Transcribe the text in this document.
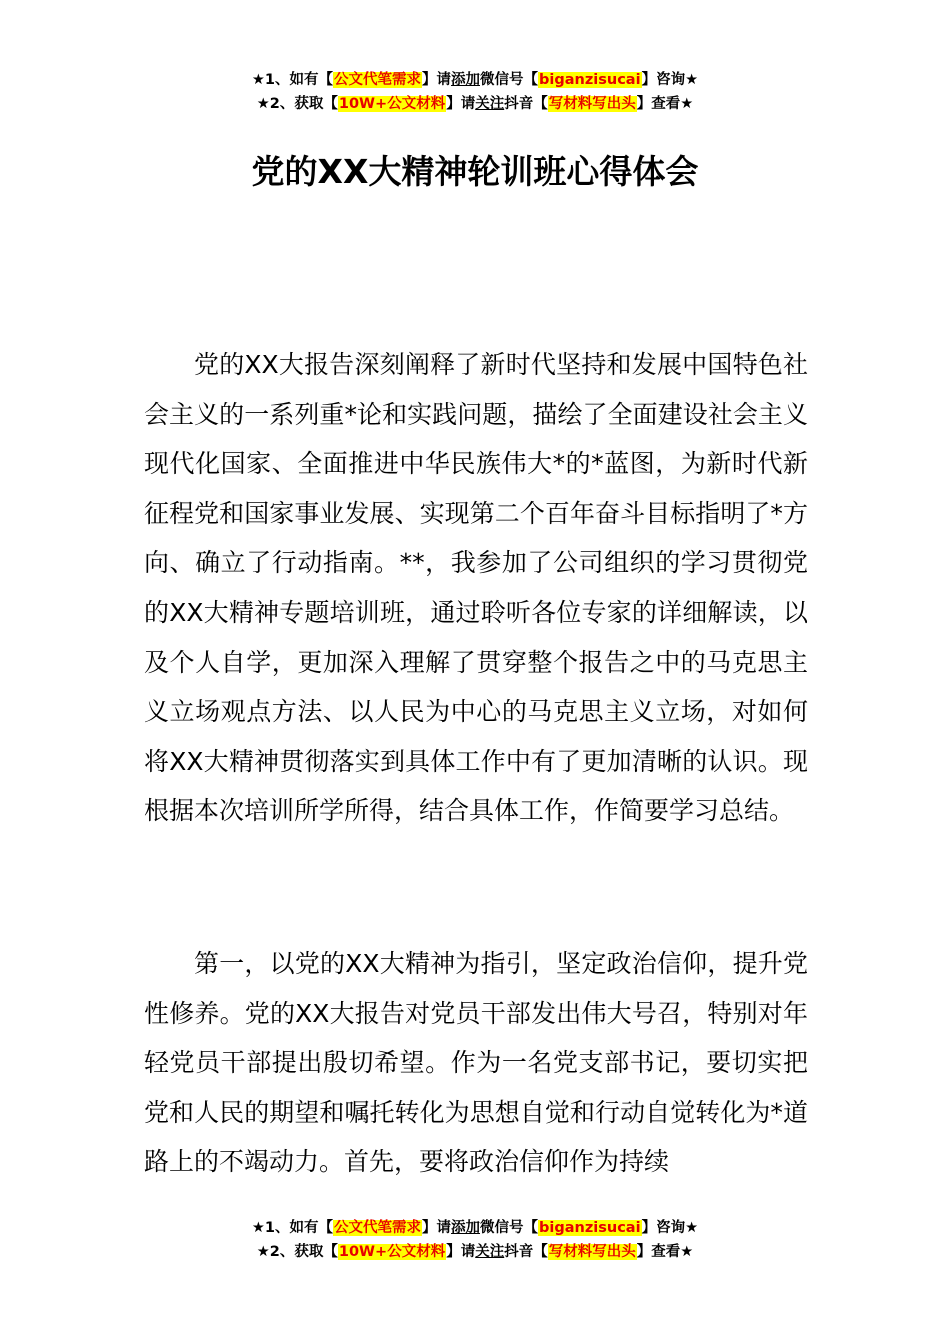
★1、如有【公文代笔需求】请添加微信号【biganzisucai】咨询★
★2、获取【10W+公文材料】请关注抖音【写材料写出头】查看★
党的XX大精神轮训班心得体会

党的XX大报告深刻阐释了新时代坚持和发展中国特色社会主义的一系列重*论和实践问题，描绘了全面建设社会主义现代化国家、全面推进中华民族伟大*的*蓝图，为新时代新征程党和国家事业发展、实现第二个百年奋斗目标指明了*方向、确立了行动指南。**，我参加了公司组织的学习贯彻党的XX大精神专题培训班，通过聆听各位专家的详细解读，以及个人自学，更加深入理解了贯穿整个报告之中的马克思主义立场观点方法、以人民为中心的马克思主义立场，对如何将XX大精神贯彻落实到具体工作中有了更加清晰的认识。现根据本次培训所学所得，结合具体工作，作简要学习总结。

第一，以党的XX大精神为指引，坚定政治信仰，提升党性修养。党的XX大报告对党员干部发出伟大号召，特别对年轻党员干部提出殷切希望。作为一名党支部书记，要切实把党和人民的期望和嘱托转化为思想自觉和行动自觉转化为*道路上的不竭动力。首先，要将政治信仰作为持续

★1、如有【公文代笔需求】请添加微信号【biganzisucai】咨询★
★2、获取【10W+公文材料】请关注抖音【写材料写出头】查看★
